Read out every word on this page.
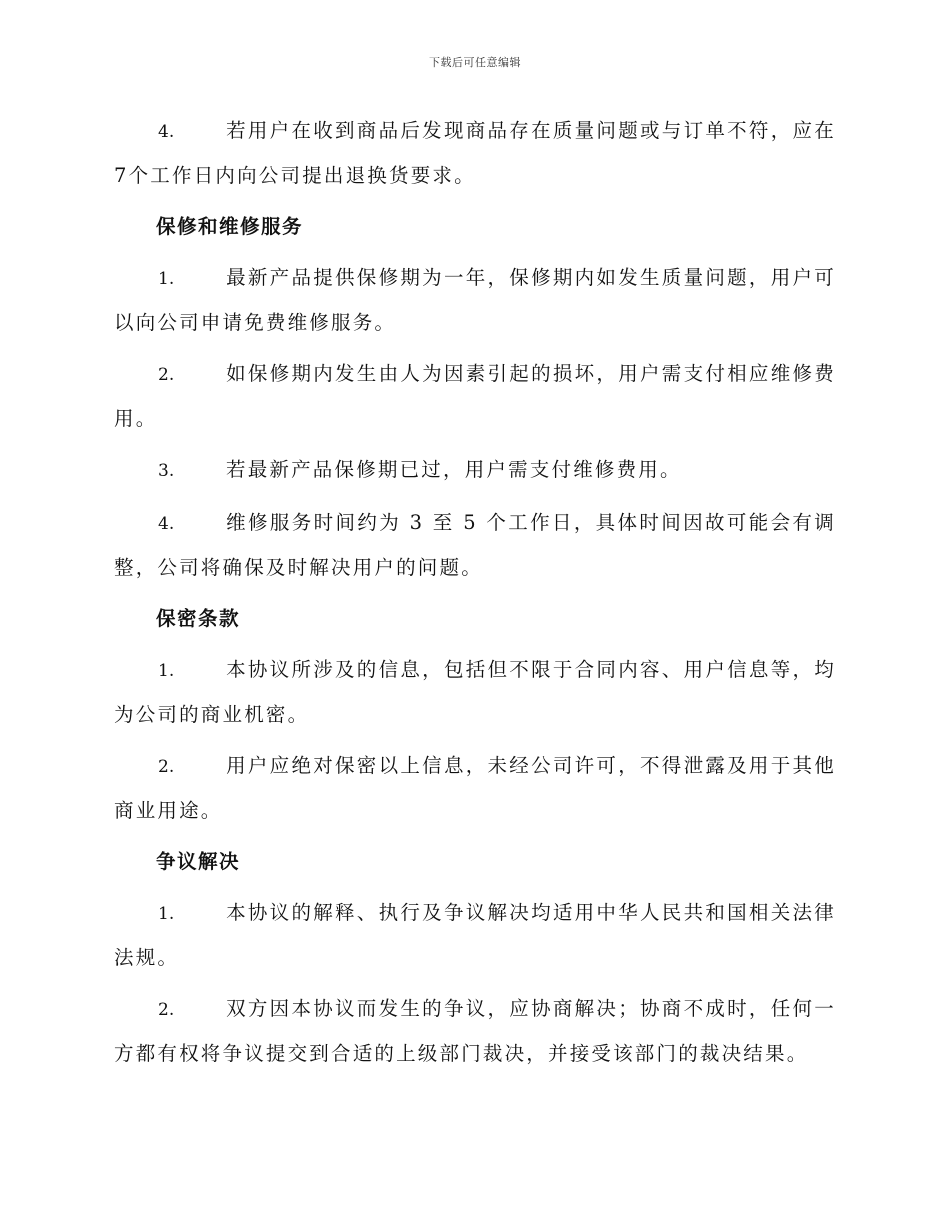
下载后可任意编辑
4.	若用户在收到商品后发现商品存在质量问题或与订单不符，应在7个工作日内向公司提出退换货要求。
保修和维修服务
1.	最新产品提供保修期为一年，保修期内如发生质量问题，用户可以向公司申请免费维修服务。
2.	如保修期内发生由人为因素引起的损坏，用户需支付相应维修费用。
3.	若最新产品保修期已过，用户需支付维修费用。
4.	维修服务时间约为 3 至 5 个工作日，具体时间因故可能会有调整，公司将确保及时解决用户的问题。
保密条款
1.	本协议所涉及的信息，包括但不限于合同内容、用户信息等，均为公司的商业机密。
2.	用户应绝对保密以上信息，未经公司许可，不得泄露及用于其他商业用途。
争议解决
1.	本协议的解释、执行及争议解决均适用中华人民共和国相关法律法规。
2.	双方因本协议而发生的争议，应协商解决；协商不成时，任何一方都有权将争议提交到合适的上级部门裁决，并接受该部门的裁决结果。
